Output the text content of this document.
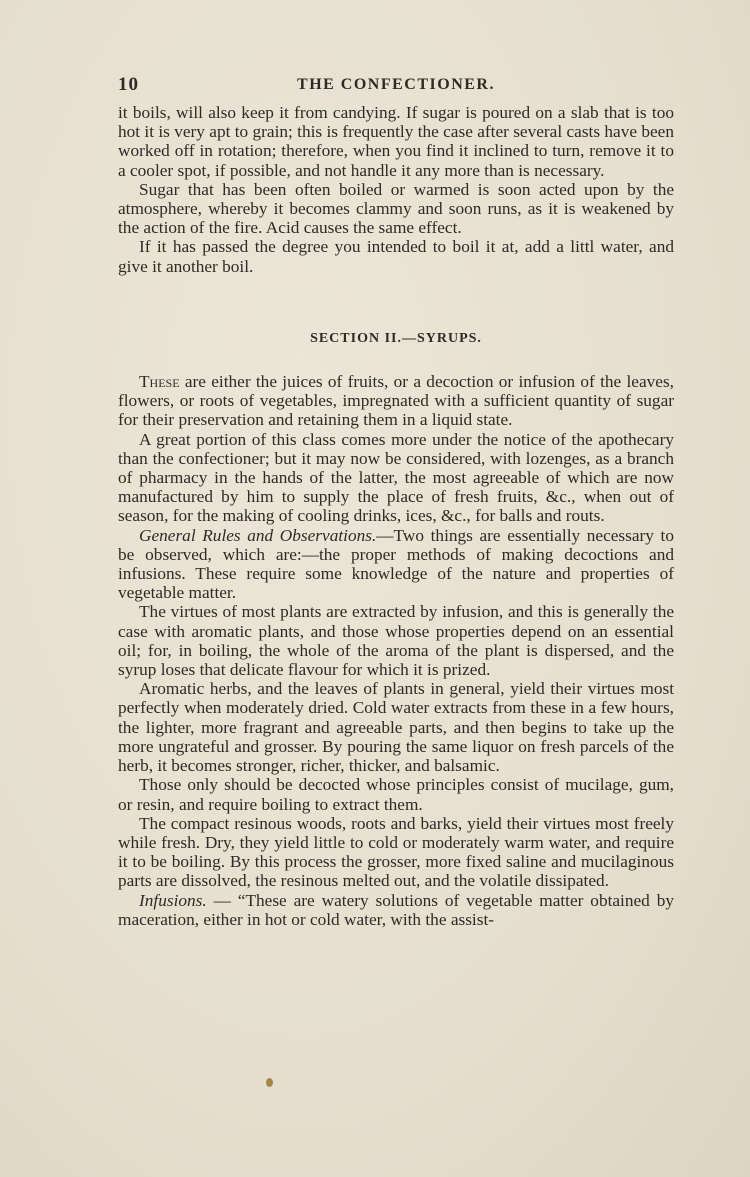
10	THE CONFECTIONER.

it boils, will also keep it from candying. If sugar is poured on a slab that is too hot it is very apt to grain; this is frequently the case after several casts have been worked off in rotation; therefore, when you find it inclined to turn, remove it to a cooler spot, if possible, and not handle it any more than is necessary.

Sugar that has been often boiled or warmed is soon acted upon by the atmosphere, whereby it becomes clammy and soon runs, as it is weakened by the action of the fire. Acid causes the same effect.

If it has passed the degree you intended to boil it at, add a littl water, and give it another boil.

SECTION II.—SYRUPS.

These are either the juices of fruits, or a decoction or infusion of the leaves, flowers, or roots of vegetables, impregnated with a sufficient quantity of sugar for their preservation and retaining them in a liquid state.

A great portion of this class comes more under the notice of the apothecary than the confectioner; but it may now be considered, with lozenges, as a branch of pharmacy in the hands of the latter, the most agreeable of which are now manufactured by him to supply the place of fresh fruits, &c., when out of season, for the making of cooling drinks, ices, &c., for balls and routs.

General Rules and Observations.—Two things are essentially necessary to be observed, which are:—the proper methods of making decoctions and infusions. These require some knowledge of the nature and properties of vegetable matter.

The virtues of most plants are extracted by infusion, and this is generally the case with aromatic plants, and those whose properties depend on an essential oil; for, in boiling, the whole of the aroma of the plant is dispersed, and the syrup loses that delicate flavour for which it is prized.

Aromatic herbs, and the leaves of plants in general, yield their virtues most perfectly when moderately dried. Cold water extracts from these in a few hours, the lighter, more fragrant and agreeable parts, and then begins to take up the more ungrateful and grosser. By pouring the same liquor on fresh parcels of the herb, it becomes stronger, richer, thicker, and balsamic.

Those only should be decocted whose principles consist of mucilage, gum, or resin, and require boiling to extract them.

The compact resinous woods, roots and barks, yield their virtues most freely while fresh. Dry, they yield little to cold or moderately warm water, and require it to be boiling. By this process the grosser, more fixed saline and mucilaginous parts are dissolved, the resinous melted out, and the volatile dissipated.

Infusions. — “These are watery solutions of vegetable matter obtained by maceration, either in hot or cold water, with the assist-
